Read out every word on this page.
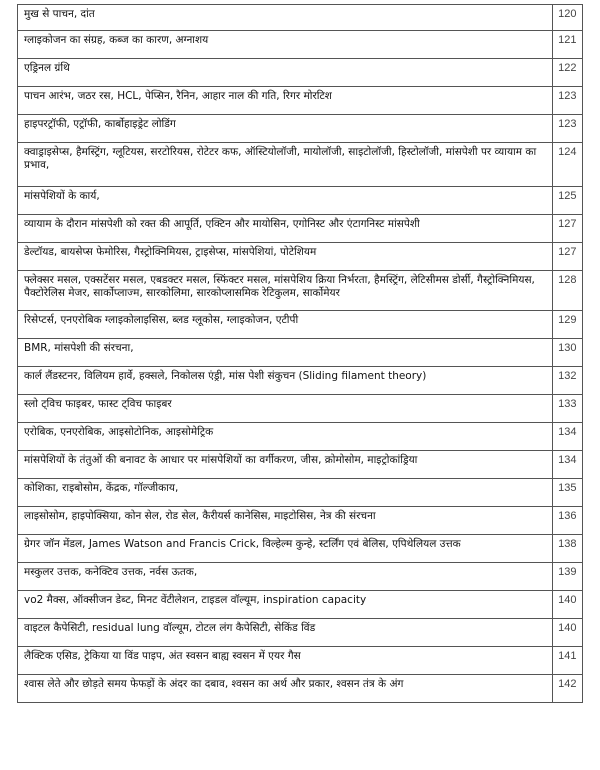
मुख से पाचन, दांत	120
ग्लाइकोजन का संग्रह, कब्ज का कारण, अग्नाशय	121
एड्रिनल ग्रंथि	122
पाचन आरंभ, जठर रस, HCL, पेप्सिन, रैनिन, आहार नाल की गति, रिगर मोरटिश	123
हाइपरट्रॉफी, एट्रॉफी, कार्बोहाइड्रेट लोडिंग	123
क्वाड्राइसेप्स, हैमस्ट्रिंग, ग्लूटियस, सरटोरियस, रोटेटर कफ, ऑस्टियोलॉजी, मायोलॉजी, साइटोलॉजी, हिस्टोलॉजी, मांसपेशी पर व्यायाम का प्रभाव,	124
मांसपेशियों के कार्य,	125
व्यायाम के दौरान मांसपेशी को रक्त की आपूर्ति, एक्टिन और मायोसिन, एगोनिस्ट और एंटागनिस्ट मांसपेशी	127
डेल्टॉयड, बायसेप्स फेमोरिस, गैस्ट्रोक्निमियस, ट्राइसेप्स, मांसपेशियां, पोटेशियम	127
फ्लेक्सर मसल, एक्सटेंसर मसल, एबडक्टर मसल, स्फिंक्टर मसल, मांसपेशिय क्रिया निर्भरता, हैमस्ट्रिंग, लेटिसीमस डोर्सी, गैस्ट्रोक्निमियस, पैक्टोरेलिस मेजर, सार्कोप्लाज्म, सारकोलिमा, सारकोप्लासमिक रेटिकुलम, सार्कोमेयर	128
रिसेप्टर्स, एनएरोबिक ग्लाइकोलाइसिस, ब्लड ग्लूकोस, ग्लाइकोजन, एटीपी	129
BMR, मांसपेशी की संरचना,	130
कार्ल लैंडस्टनर, विलियम हार्वे, हक्सले, निकोलस एंड्री, मांस पेशी संकुचन (Sliding filament theory)	132
स्लो ट्विच फाइबर, फास्ट ट्विच फाइबर	133
एरोबिक, एनएरोबिक, आइसोटोनिक, आइसोमेट्रिक	134
मांसपेशियों के तंतुओं की बनावट के आधार पर मांसपेशियों का वर्गीकरण, जीस, क्रोमोसोम, माइट्रोकांड्रिया	134
कोशिका, राइबोसोम, केंद्रक, गॉल्जीकाय,	135
लाइसोसोम, हाइपोक्सिया, कोन सेल, रोड सेल, कैरीयर्स कानेसिस, माइटोसिस, नेत्र की संरचना	136
ग्रेगर जॉन मेंडल, James Watson and Francis Crick, विल्हेल्म कुन्हे, स्टर्लिंग एवं बेलिस, एपिथेलियल उत्तक	138
मस्कुलर उत्तक, कनेक्टिव उत्तक, नर्वस ऊतक,	139
vo2 मैक्स, ऑक्सीजन डेब्ट, मिनट वेंटीलेशन, टाइडल वॉल्यूम, inspiration capacity	140
वाइटल कैपेसिटी, residual lung वॉल्यूम, टोटल लंग कैपेसिटी, सेकिंड विंड	140
लैक्टिक एसिड, ट्रेकिया या विंड पाइप, अंत स्वसन बाह्य स्वसन में एयर गैस	141
श्वास लेते और छोड़ते समय फेफड़ों के अंदर का दबाव, श्वसन का अर्थ और प्रकार, श्वसन तंत्र के अंग	142
